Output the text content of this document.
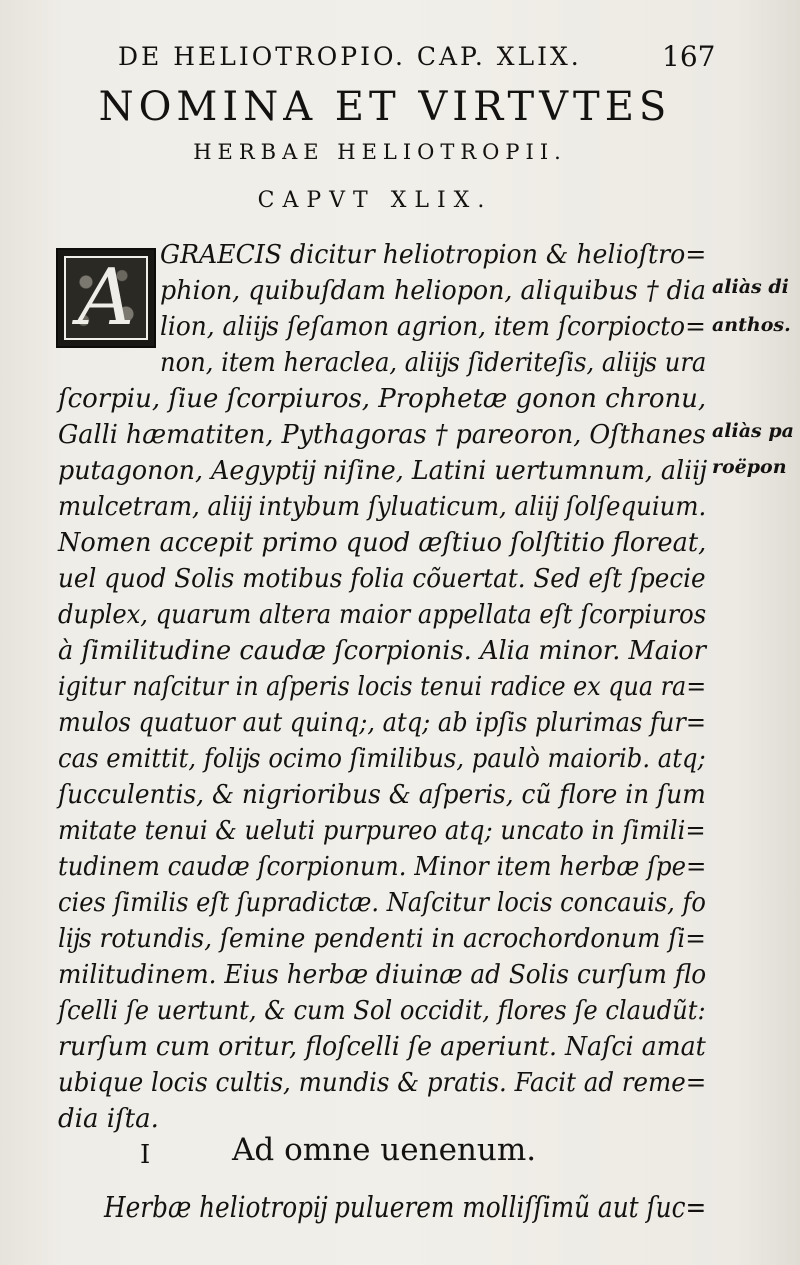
DE HELIOTROPIO. CAP. XLIX.	167
NOMINA ET VIRTVTES
HERBAE HELIOTROPII.
CAPVT XLIX.
A GRAECIS dicitur heliotropion & helioſtro=
phion, quibuſdam heliopon, aliquibus † dia
lion, aliĳs ſeſamon agrion, item ſcorpiocto=
non, item heraclea, aliĳs ſideriteſis, aliĳs ura
ſcorpiu, ſiue ſcorpiuros, Prophetæ gonon chronu,
Galli hæmatiten, Pythagoras † pareoron, Oſthanes
putagonon, Aegyptĳ niſine, Latini uertumnum, aliĳ
mulcetram, aliĳ intybum ſyluaticum, aliĳ ſolſequium.
Nomen accepit primo quod æſtiuo ſolſtitio floreat,
uel quod Solis motibus folia cõuertat. Sed eſt ſpecie
duplex, quarum altera maior appellata eſt ſcorpiuros
à ſimilitudine caudæ ſcorpionis. Alia minor. Maior
igitur naſcitur in aſperis locis tenui radice ex qua ra=
mulos quatuor aut quinq;, atq; ab ipſis plurimas fur=
cas emittit, folĳs ocimo ſimilibus, paulò maiorib. atq;
ſucculentis, & nigrioribus & aſperis, cũ flore in ſum
mitate tenui & ueluti purpureo atq; uncato in ſimili=
tudinem caudæ ſcorpionum. Minor item herbæ ſpe=
cies ſimilis eſt ſupradictæ. Naſcitur locis concauis, fo
lĳs rotundis, ſemine pendenti in acrochordonum ſi=
militudinem. Eius herbæ diuinæ ad Solis curſum flo
ſcelli ſe uertunt, & cum Sol occidit, flores ſe claudũt:
rurſum cum oritur, floſcelli ſe aperiunt. Naſci amat
ubique locis cultis, mundis & pratis. Facit ad reme=
dia iſta.
aliàs di
anthos.
aliàs pa
roëpon
I	Ad omne uenenum.
Herbæ heliotropĳ puluerem molliſſimũ aut ſuc=
